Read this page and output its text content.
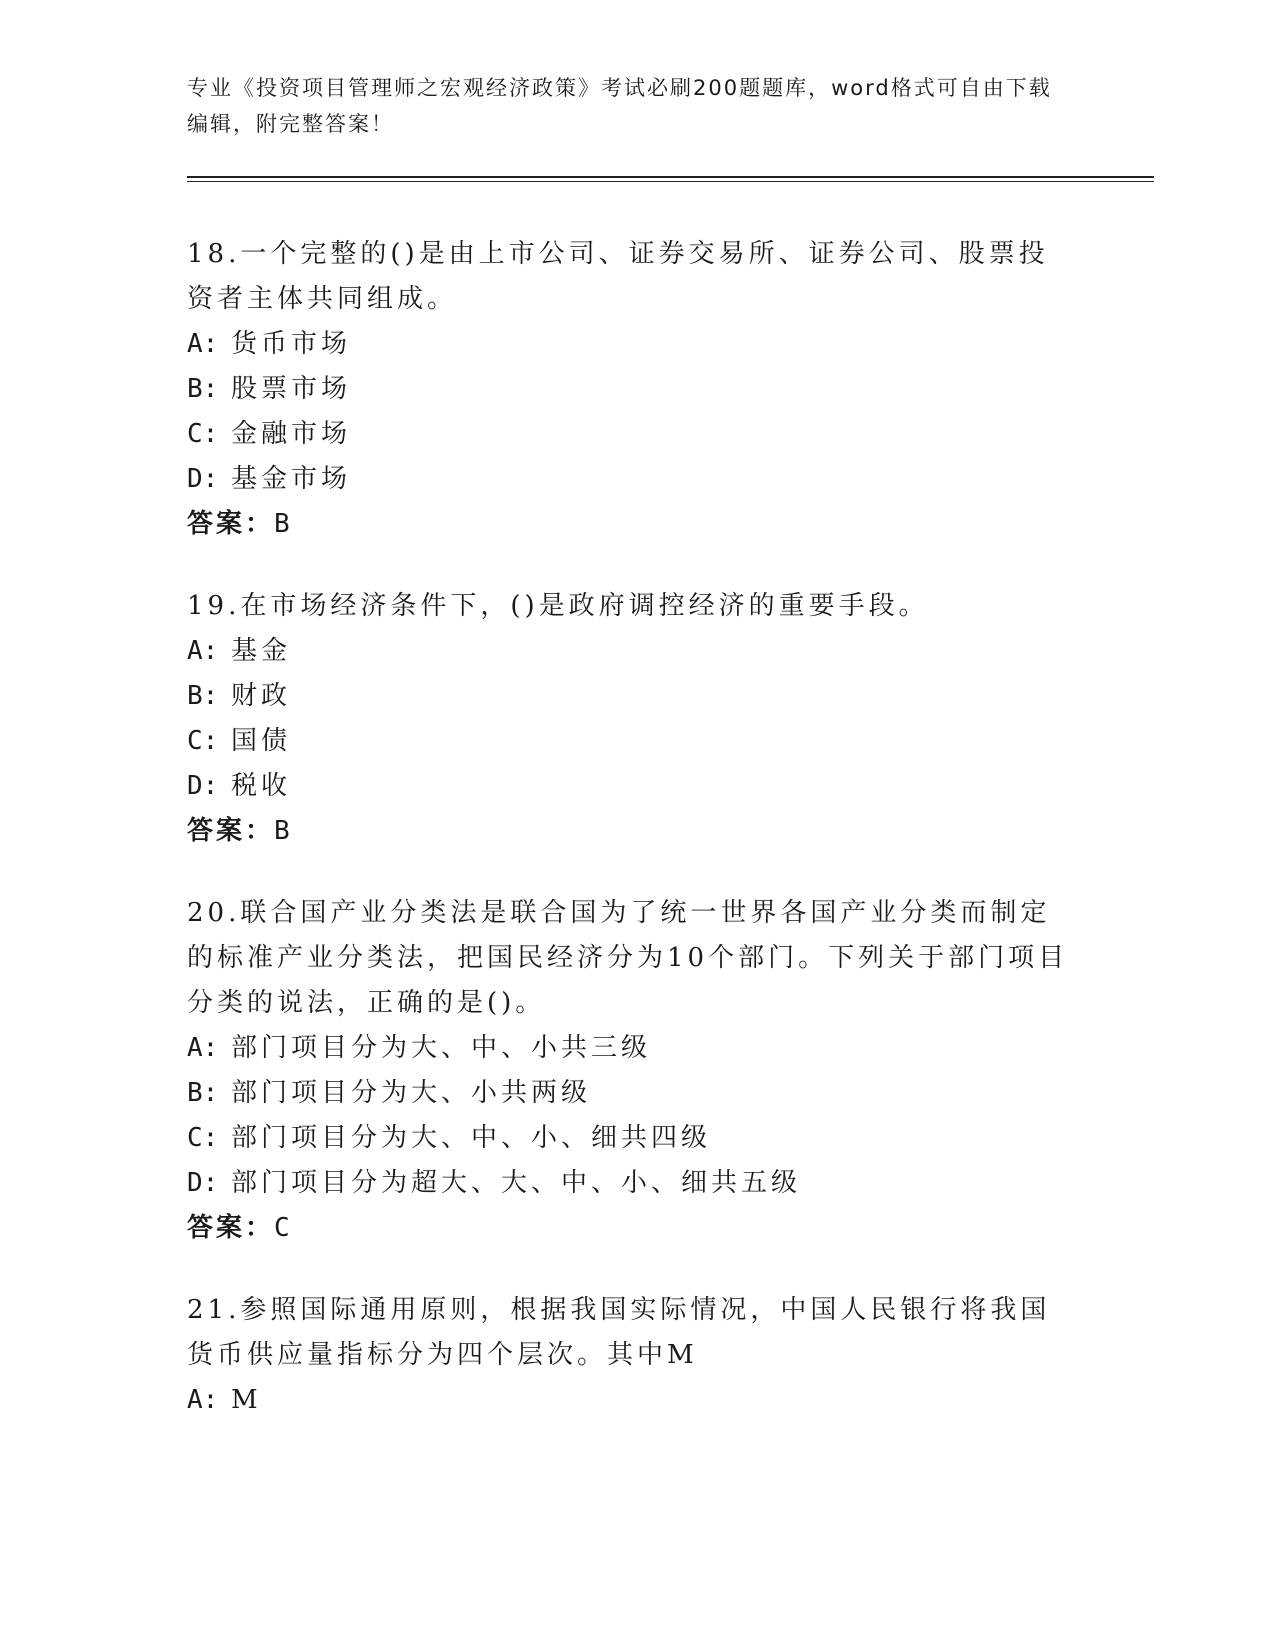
专业《投资项目管理师之宏观经济政策》考试必刷200题题库，word格式可自由下载编辑，附完整答案！

18.一个完整的()是由上市公司、证券交易所、证券公司、股票投资者主体共同组成。

A: 货币市场

B: 股票市场

C: 金融市场

D: 基金市场

答案：B

19.在市场经济条件下，()是政府调控经济的重要手段。

A: 基金

B: 财政

C: 国债

D: 税收

答案：B

20.联合国产业分类法是联合国为了统一世界各国产业分类而制定的标准产业分类法，把国民经济分为10个部门。下列关于部门项目分类的说法，正确的是()。

A: 部门项目分为大、中、小共三级

B: 部门项目分为大、小共两级

C: 部门项目分为大、中、小、细共四级

D: 部门项目分为超大、大、中、小、细共五级

答案：C

21.参照国际通用原则，根据我国实际情况，中国人民银行将我国货币供应量指标分为四个层次。其中M

A: M
